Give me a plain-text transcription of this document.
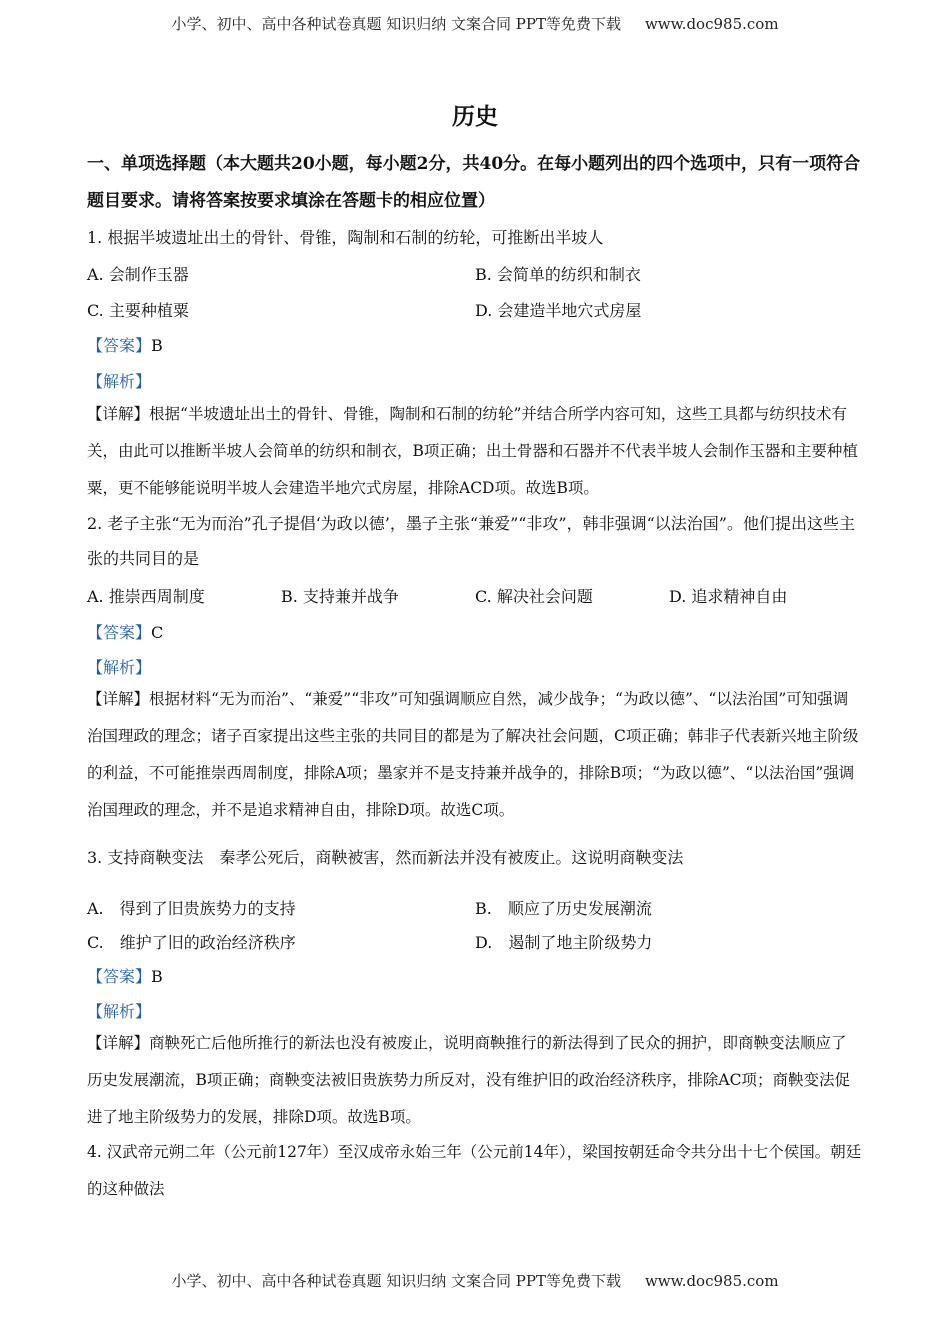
小学、初中、高中各种试卷真题 知识归纳 文案合同 PPT等免费下载 www.doc985.com
历史
一、单项选择题（本大题共20小题，每小题2分，共40分。在每小题列出的四个选项中，只有一项符合题目要求。请将答案按要求填涂在答题卡的相应位置）
1. 根据半坡遗址出土的骨针、骨锥，陶制和石制的纺轮，可推断出半坡人
A. 会制作玉器	B. 会简单的纺织和制衣
C. 主要种植粟	D. 会建造半地穴式房屋
【答案】B
【解析】
【详解】根据“半坡遗址出土的骨针、骨锥，陶制和石制的纺轮”并结合所学内容可知，这些工具都与纺织技术有关，由此可以推断半坡人会简单的纺织和制衣，B项正确；出土骨器和石器并不代表半坡人会制作玉器和主要种植粟，更不能够能说明半坡人会建造半地穴式房屋，排除ACD项。故选B项。
2. 老子主张“无为而治”孔子提倡‘为政以德’，墨子主张“兼爱”“非攻”，韩非强调“以法治国”。他们提出这些主张的共同目的是
A. 推崇西周制度	B. 支持兼并战争	C. 解决社会问题	D. 追求精神自由
【答案】C
【解析】
【详解】根据材料“无为而治”、“兼爱”“非攻”可知强调顺应自然，减少战争；“为政以德”、“以法治国”可知强调治国理政的理念；诸子百家提出这些主张的共同目的都是为了解决社会问题，C项正确；韩非子代表新兴地主阶级的利益，不可能推崇西周制度，排除A项；墨家并不是支持兼并战争的，排除B项；“为政以德”、“以法治国”强调治国理政的理念，并不是追求精神自由，排除D项。故选C项。
3. 支持商鞅变法　秦孝公死后，商鞅被害，然而新法并没有被废止。这说明商鞅变法
A.　得到了旧贵族势力的支持	B.　顺应了历史发展潮流
C.　维护了旧的政治经济秩序	D.　遏制了地主阶级势力
【答案】B
【解析】
【详解】商鞅死亡后他所推行的新法也没有被废止，说明商鞅推行的新法得到了民众的拥护，即商鞅变法顺应了历史发展潮流，B项正确；商鞅变法被旧贵族势力所反对，没有维护旧的政治经济秩序，排除AC项；商鞅变法促进了地主阶级势力的发展，排除D项。故选B项。
4. 汉武帝元朔二年（公元前127年）至汉成帝永始三年（公元前14年），梁国按朝廷命令共分出十七个侯国。朝廷的这种做法
小学、初中、高中各种试卷真题 知识归纳 文案合同 PPT等免费下载 www.doc985.com
